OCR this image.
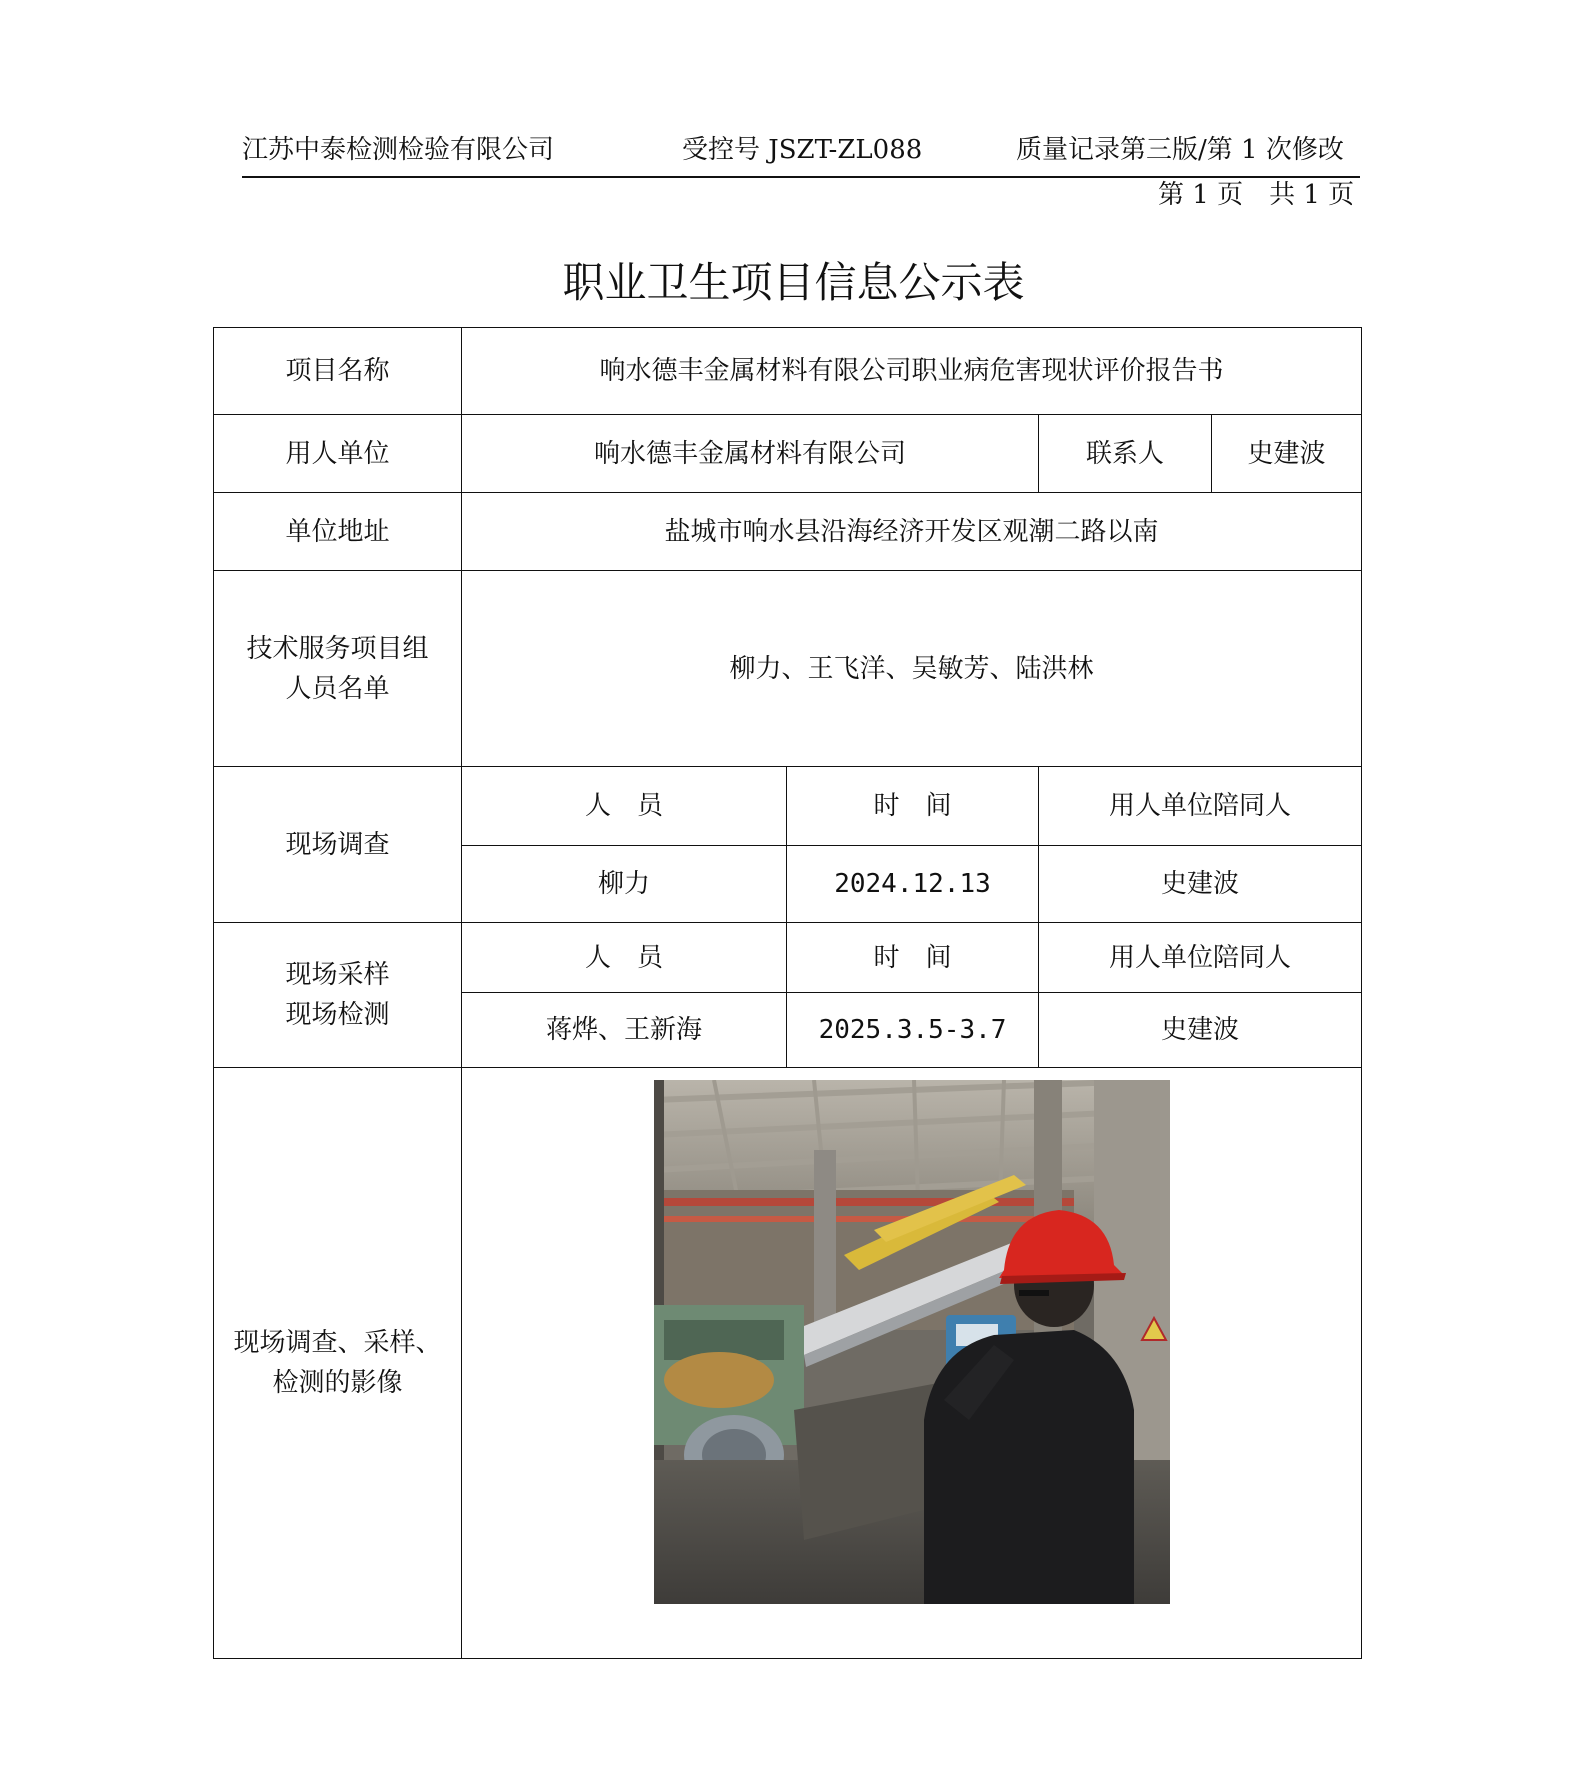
江苏中泰检测检验有限公司	受控号 JSZT-ZL088	质量记录第三版/第 1 次修改
第 1 页　共 1 页
职业卫生项目信息公示表
项目名称	响水德丰金属材料有限公司职业病危害现状评价报告书			
用人单位	响水德丰金属材料有限公司		联系人	史建波
单位地址	盐城市响水县沿海经济开发区观潮二路以南			

技术服务项目组
人员名单	柳力、王飞洋、吴敏芳、陆洪林			
现场调查	人　员	时　间	用人单位陪同人	
	柳力	2024.12.13	史建波	

现场采样
现场检测	人　员	时　间	用人单位陪同人	
	蒋烨、王新海	2025.3.5-3.7	史建波	

现场调查、采样、
检测的影像
